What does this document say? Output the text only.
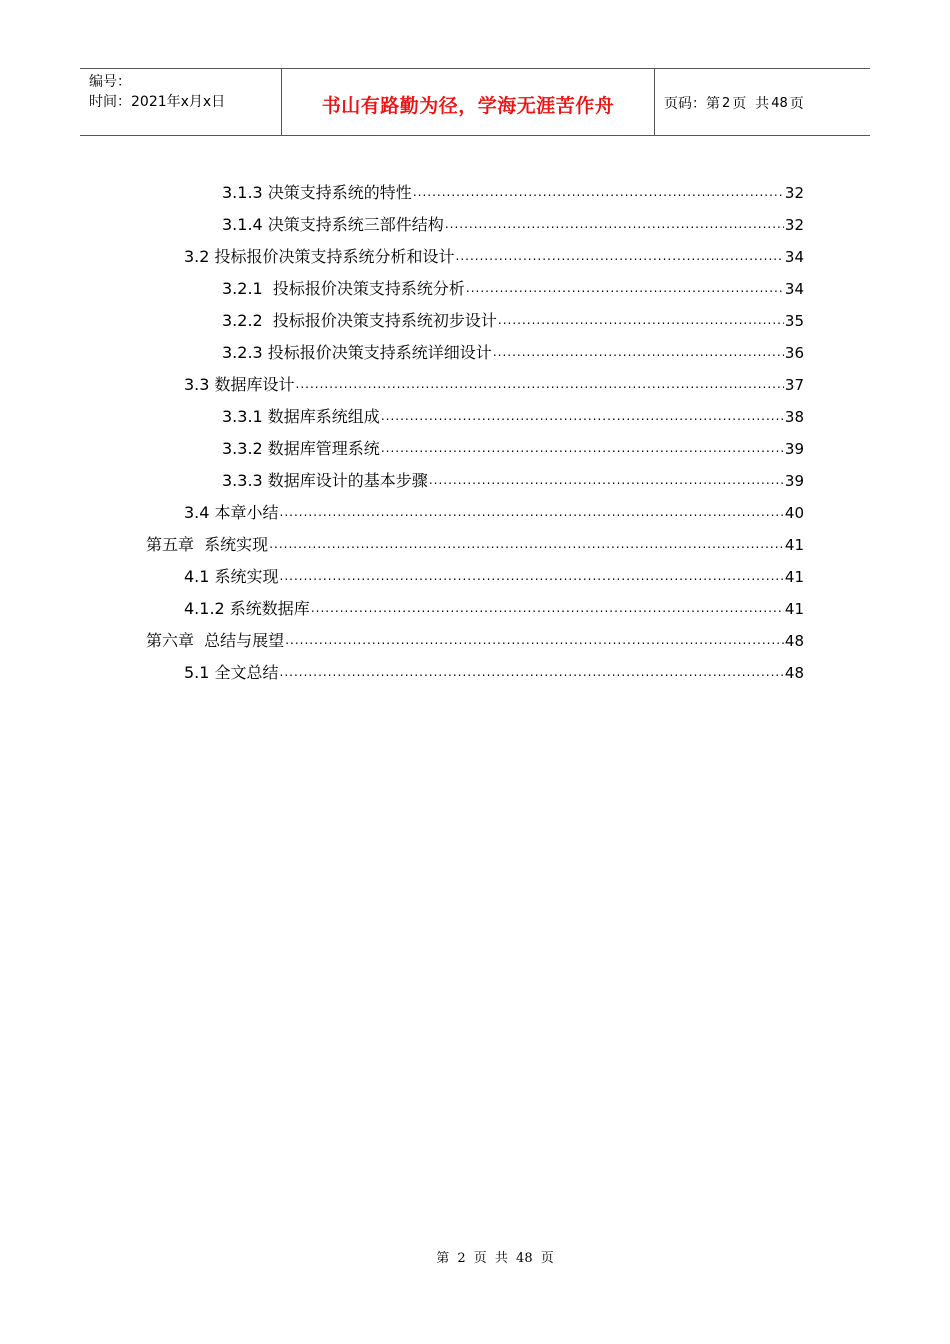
编号：
时间：2021年x月x日	书山有路勤为径，学海无涯苦作舟	页码：第 2 页  共 48 页
3.1.3 决策支持系统的特性 .....	32
3.1.4 决策支持系统三部件结构 .....	32
3.2 投标报价决策支持系统分析和设计 .....	34
3.2.1  投标报价决策支持系统分析 .....	34
3.2.2  投标报价决策支持系统初步设计 .....	35
3.2.3 投标报价决策支持系统详细设计 .....	36
3.3 数据库设计 .....	37
3.3.1 数据库系统组成 .....	38
3.3.2 数据库管理系统 .....	39
3.3.3 数据库设计的基本步骤 .....	39
3.4 本章小结 .....	40
第五章  系统实现 .....	41
4.1 系统实现 .....	41
4.1.2 系统数据库 .....	41
第六章  总结与展望 .....	48
5.1 全文总结 .....	48
第 2 页 共 48 页
